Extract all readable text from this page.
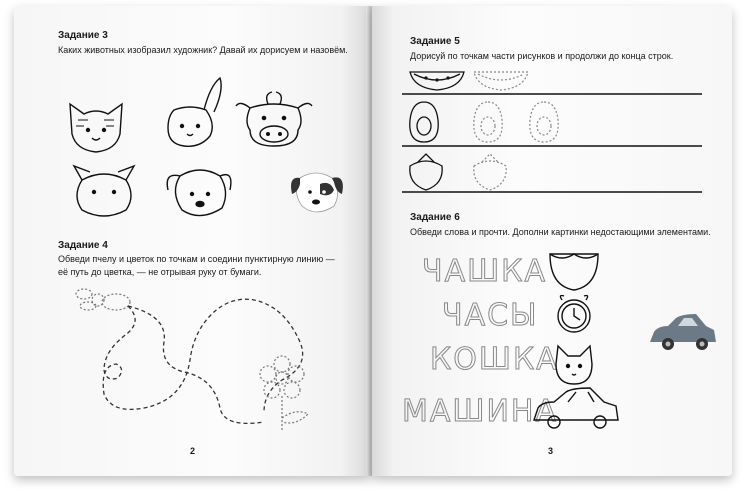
Задание 3
Каких животных изобразил художник? Давай их дорисуем и назовём.
Задание 4
Обведи пчелу и цветок по точкам и соедини пунктирную линию —
её путь до цветка, — не отрывая руку от бумаги.
2
Задание 5
Дорисуй по точкам части рисунков и продолжи до конца строк.
Задание 6
Обведи слова и прочти. Дополни картинки недостающими элементами.
ЧАШКА
ЧАСЫ
КОШКА
МАШИНА
3
